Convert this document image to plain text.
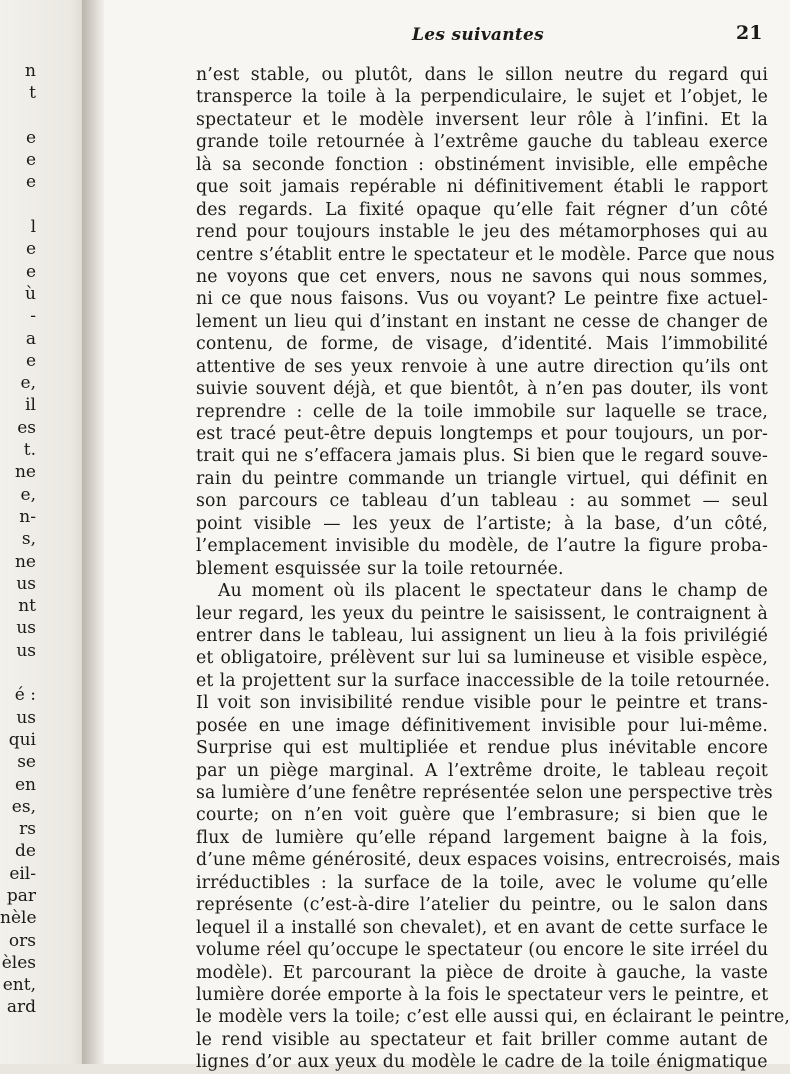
n
t
e
e
e
l
e
e
ù
-
a
e
e,
il
es
t.
ne
e,
n-
s,
ne
us
nt
us
us
é :
us
qui
se
en
es,
rs
de
eil-
par
nèle
ors
èles
ent,
ard
Les suivantes	21
n’est stable, ou plutôt, dans le sillon neutre du regard qui
transperce la toile à la perpendiculaire, le sujet et l’objet, le
spectateur et le modèle inversent leur rôle à l’infini. Et la
grande toile retournée à l’extrême gauche du tableau exerce
là sa seconde fonction : obstinément invisible, elle empêche
que soit jamais repérable ni définitivement établi le rapport
des regards. La fixité opaque qu’elle fait régner d’un côté
rend pour toujours instable le jeu des métamorphoses qui au
centre s’établit entre le spectateur et le modèle. Parce que nous
ne voyons que cet envers, nous ne savons qui nous sommes,
ni ce que nous faisons. Vus ou voyant? Le peintre fixe actuel-
lement un lieu qui d’instant en instant ne cesse de changer de
contenu, de forme, de visage, d’identité. Mais l’immobilité
attentive de ses yeux renvoie à une autre direction qu’ils ont
suivie souvent déjà, et que bientôt, à n’en pas douter, ils vont
reprendre : celle de la toile immobile sur laquelle se trace,
est tracé peut-être depuis longtemps et pour toujours, un por-
trait qui ne s’effacera jamais plus. Si bien que le regard souve-
rain du peintre commande un triangle virtuel, qui définit en
son parcours ce tableau d’un tableau : au sommet — seul
point visible — les yeux de l’artiste; à la base, d’un côté,
l’emplacement invisible du modèle, de l’autre la figure proba-
blement esquissée sur la toile retournée.
Au moment où ils placent le spectateur dans le champ de
leur regard, les yeux du peintre le saisissent, le contraignent à
entrer dans le tableau, lui assignent un lieu à la fois privilégié
et obligatoire, prélèvent sur lui sa lumineuse et visible espèce,
et la projettent sur la surface inaccessible de la toile retournée.
Il voit son invisibilité rendue visible pour le peintre et trans-
posée en une image définitivement invisible pour lui-même.
Surprise qui est multipliée et rendue plus inévitable encore
par un piège marginal. A l’extrême droite, le tableau reçoit
sa lumière d’une fenêtre représentée selon une perspective très
courte; on n’en voit guère que l’embrasure; si bien que le
flux de lumière qu’elle répand largement baigne à la fois,
d’une même générosité, deux espaces voisins, entrecroisés, mais
irréductibles : la surface de la toile, avec le volume qu’elle
représente (c’est-à-dire l’atelier du peintre, ou le salon dans
lequel il a installé son chevalet), et en avant de cette surface le
volume réel qu’occupe le spectateur (ou encore le site irréel du
modèle). Et parcourant la pièce de droite à gauche, la vaste
lumière dorée emporte à la fois le spectateur vers le peintre, et
le modèle vers la toile; c’est elle aussi qui, en éclairant le peintre,
le rend visible au spectateur et fait briller comme autant de
lignes d’or aux yeux du modèle le cadre de la toile énigmatique
